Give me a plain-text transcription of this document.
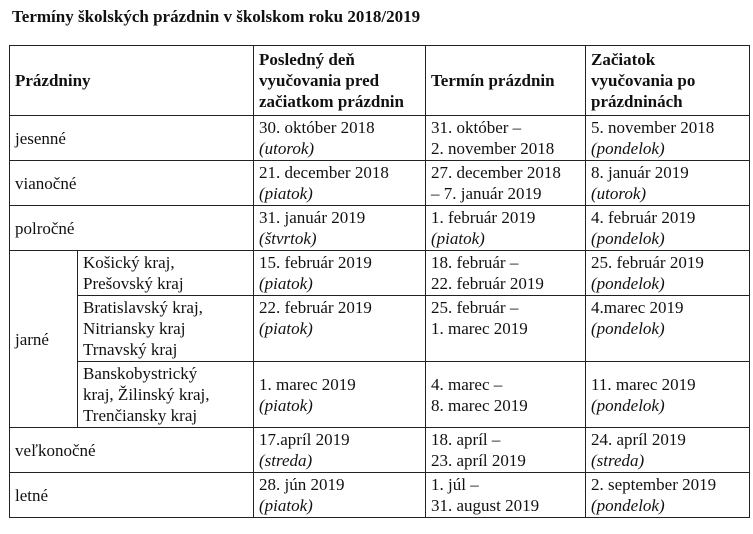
Termíny školských prázdnin v školskom roku 2018/2019
Prázdniny		Posledný deň
vyučovania pred
začiatkom prázdnin	Termín prázdnin	Začiatok
vyučovania po
prázdninách

jesenné		30. október 2018
(utorok)	31. október –
2. november 2018	5. november 2018
(pondelok)

vianočné		21. december 2018
(piatok)	27. december 2018
– 7. január 2019	8. január 2019
(utorok)

polročné		31. január 2019
(štvrtok)	1. február 2019
(piatok)	4. február 2019
(pondelok)

jarné	Košický kraj,
Prešovský kraj	15. február 2019
(piatok)	18. február –
22. február 2019	25. február 2019
(pondelok)

	Bratislavský kraj,
Nitriansky kraj
Trnavský kraj	22. február 2019
(piatok)	25. február –
1. marec 2019	4.marec 2019
(pondelok)

	Banskobystrický
kraj, Žilinský kraj,
Trenčiansky kraj	1. marec 2019
(piatok)	4. marec –
8. marec 2019	11. marec 2019
(pondelok)

veľkonočné		17.apríl 2019
(streda)	18. apríl –
23. apríl 2019	24. apríl 2019
(streda)

letné		28. jún 2019
(piatok)	1. júl –
31. august 2019	2. september 2019
(pondelok)
